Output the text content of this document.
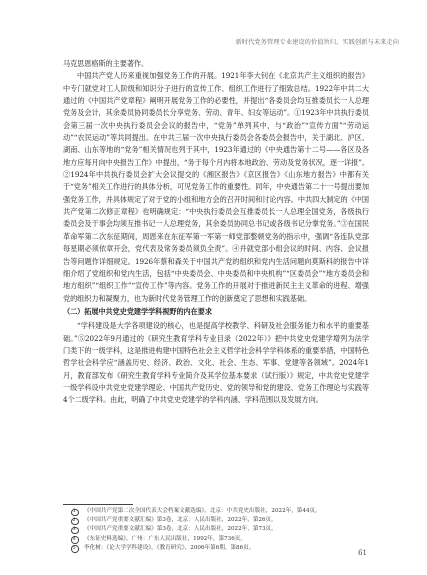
新时代党务管理专业建设的价值旨归、实践创新与未来走向

马克思恩格斯的主要著作。

中国共产党人历来重视加强党务工作的开展。1921年李大钊在《北京共产主义组织的报告》中专门就党对工人阶级和知识分子进行的宣传工作、组织工作进行了细致总结。1922年中共二大通过的《中国共产党章程》阐明开展党务工作的必要性，并提出“各委员会均互推委员长一人总理党务及会计，其余委员协同委员长分享党务、劳动、青年、妇女等运动”。①1923年中共执行委员会第三届一次中央执行委员会会议的报告中，“党务”单列其中，与“政治”“宣传方面”“劳动运动”“农民运动”等共同提出。在中共三届一次中央执行委员会各委员会报告中，关于湖北、沪区、湖南、山东等地的“党务”相关情况也列于其中，1923年通过的《中央通告第十二号——各区及各地方应每月向中央报告工作》中提出，“务于每个月内将本地政治、劳动及党务状况，逐一详报”。②1924年中共执行委员会扩大会议提交的《湘区报告》《京区报告》《山东地方报告》中都有关于“党务”相关工作进行的具体分析，可见党务工作的重要性。同年，中央通告第二十一号提出要加强党务工作，并具体规定了对于党的小组和地方会的召开时间和讨论内容。中共四大制定的《中国共产党第二次修正章程》也明确规定：“中央执行委员会互推委员长一人总理全国党务，各级执行委员会及干事会均须互推书记一人总理党务，其余委员协同总书记或各级书记分掌党务。”③在国民革命军第二次东征期间，周恩来在东征军第一军第一师党部整顿党务的指示中，强调“各连队党部每星期必须依章开会，党代表及常务委员须负全责”。④并就党部小组会议的时间、内容、会议报告等问题作详细规定。1926年蔡和森关于中国共产党的组织和党内生活问题向莫斯科的报告中详细介绍了党组织和党内生活，包括“中央委员会、中央委员和中央机构”“区委员会”“地方委员会和地方组织”“组织工作”“宣传工作”等内容。党务工作的开展对于推进新民主主义革命的进程、增强党的组织力和凝聚力，也为新时代党务管理工作的创新奠定了思想和实践基础。

（二）拓展中共党史党建学学科视野的内在要求

“学科建设是大学各项建设的核心，也是提高学校教学、科研及社会服务能力和水平的重要基础。”⑤2022年9月通过的《研究生教育学科专业目录（2022年）》把中共党史党建学增列为法学门类下的一级学科，这是推进构建中国特色社会主义哲学社会科学学科体系的重要举措，中国特色哲学社会科学应“涵盖历史、经济、政治、文化、社会、生态、军事、党建等各领域”。2024年1月，教育部发布《研究生教育学科专业简介及其学位基本要求（试行版）》规定，中共党史党建学一级学科设中共党史党建学理论、中国共产党历史、党的领导和党的建设、党务工作理论与实践等4个二级学科。由此，明确了中共党史党建学的学科内涵、学科范围以及发展方向。

1	《中国共产党第二次全国代表大会档案文献选编》，北京：中共党史出版社，2022年，第44页。
2	《中国共产党重要文献汇编》第3卷，北京：人民出版社，2022年，第26页。
3	《中国共产党重要文献汇编》第3卷，北京：人民出版社，2022年，第73页。
4	《东征史料选编》，广州：广东人民出版社，1992年，第736页。
5	李化树：《论大学学科建设》，《教育研究》，2006年第6期，第86页。
61
